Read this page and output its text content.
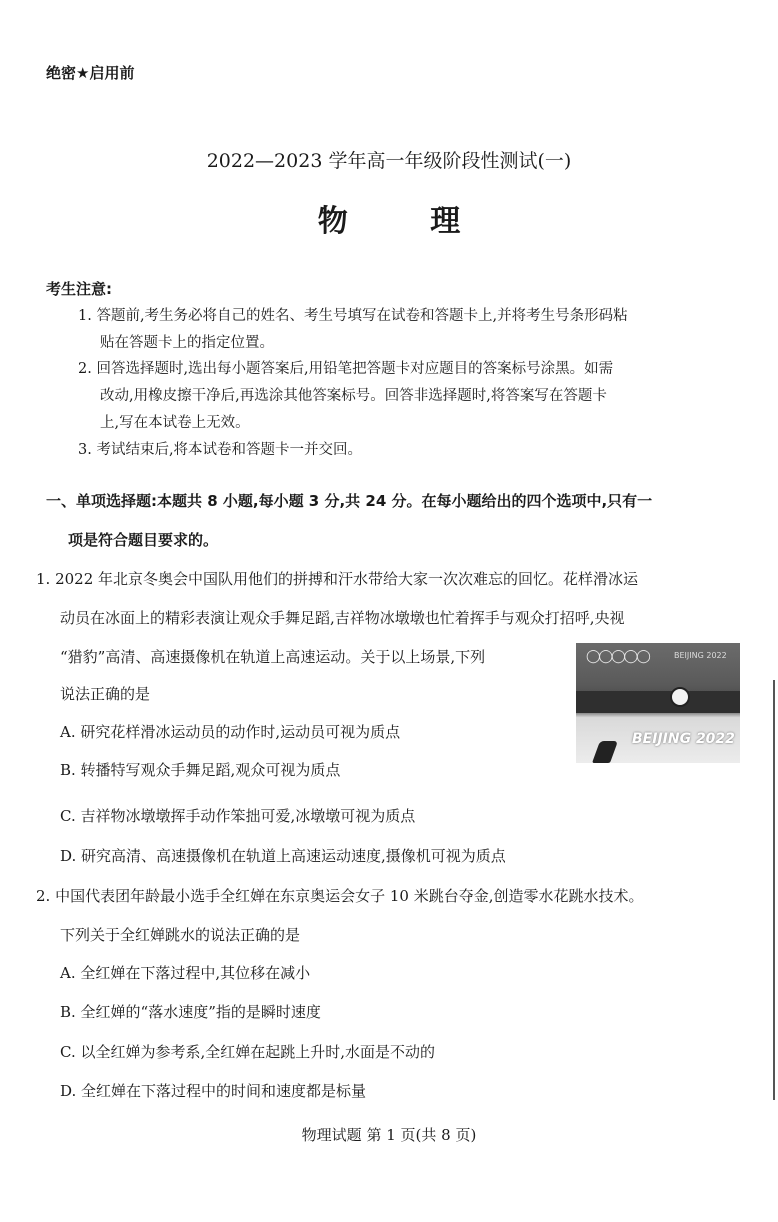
绝密★启用前
2022—2023 学年高一年级阶段性测试(一)
物 理
考生注意:
1. 答题前,考生务必将自己的姓名、考生号填写在试卷和答题卡上,并将考生号条形码粘
贴在答题卡上的指定位置。
2. 回答选择题时,选出每小题答案后,用铅笔把答题卡对应题目的答案标号涂黑。如需
改动,用橡皮擦干净后,再选涂其他答案标号。回答非选择题时,将答案写在答题卡
上,写在本试卷上无效。
3. 考试结束后,将本试卷和答题卡一并交回。
一、单项选择题:本题共 8 小题,每小题 3 分,共 24 分。在每小题给出的四个选项中,只有一
项是符合题目要求的。
1. 2022 年北京冬奥会中国队用他们的拼搏和汗水带给大家一次次难忘的回忆。花样滑冰运
动员在冰面上的精彩表演让观众手舞足蹈,吉祥物冰墩墩也忙着挥手与观众打招呼,央视
“猎豹”高清、高速摄像机在轨道上高速运动。关于以上场景,下列
说法正确的是
A. 研究花样滑冰运动员的动作时,运动员可视为质点
B. 转播特写观众手舞足蹈,观众可视为质点
C. 吉祥物冰墩墩挥手动作笨拙可爱,冰墩墩可视为质点
D. 研究高清、高速摄像机在轨道上高速运动速度,摄像机可视为质点
◯◯◯◯◯	BEIJING 2022
BEIJING 2022
2. 中国代表团年龄最小选手全红婵在东京奥运会女子 10 米跳台夺金,创造零水花跳水技术。
下列关于全红婵跳水的说法正确的是
A. 全红婵在下落过程中,其位移在减小
B. 全红婵的“落水速度”指的是瞬时速度
C. 以全红婵为参考系,全红婵在起跳上升时,水面是不动的
D. 全红婵在下落过程中的时间和速度都是标量
物理试题 第 1 页(共 8 页)
